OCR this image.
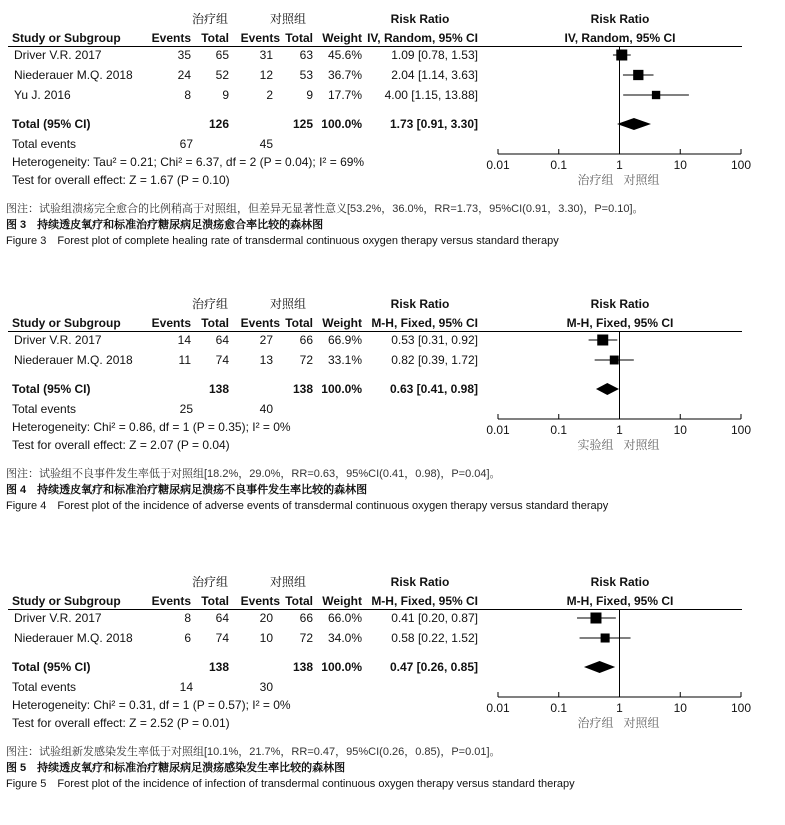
治疗组	对照组	Risk Ratio	Risk Ratio
Study or Subgroup	Events Total Events Total Weight IV, Random, 95% CI	IV, Random, 95% CI
Driver V.R. 2017	35 65	31 63 45.6% 1.09 [0.78, 1.53]
Niederauer M.Q. 2018	24 52	12 53 36.7% 2.04 [1.14, 3.63]
Yu J. 2016	8	9	2	9 17.7% 4.00 [1.15, 13.88]
Total (95% CI)	126	125 100.0% 1.73 [0.91, 3.30]
Total events	67	45
Heterogeneity: Tau² = 0.21; Chi² = 6.37, df = 2 (P = 0.04); I² = 69%
Test for overall effect: Z = 1.67 (P = 0.10)
0.01	0.1	1	10	100
治疗组 对照组
图注：试验组溃疡完全愈合的比例稍高于对照组，但差异无显著性意义[53.2%，36.0%，RR=1.73，95%CI(0.91，3.30)，P=0.10]。
图 3　持续透皮氧疗和标准治疗糖尿病足溃疡愈合率比较的森林图
Figure 3　Forest plot of complete healing rate of transdermal continuous oxygen therapy versus standard therapy
治疗组	对照组	Risk Ratio	Risk Ratio
Study or Subgroup	Events Total Events Total Weight M-H, Fixed, 95% CI	M-H, Fixed, 95% CI
Driver V.R. 2017	14 64	27 66 66.9% 0.53 [0.31, 0.92]
Niederauer M.Q. 2018	11 74	13 72 33.1% 0.82 [0.39, 1.72]
Total (95% CI)	138	138 100.0% 0.63 [0.41, 0.98]
Total events	25	40
Heterogeneity: Chi² = 0.86, df = 1 (P = 0.35); I² = 0%
Test for overall effect: Z = 2.07 (P = 0.04)
0.01	0.1	1	10	100
实验组 对照组
图注：试验组不良事件发生率低于对照组[18.2%，29.0%，RR=0.63，95%CI(0.41，0.98)，P=0.04]。
图 4　持续透皮氧疗和标准治疗糖尿病足溃疡不良事件发生率比较的森林图
Figure 4　Forest plot of the incidence of adverse events of transdermal continuous oxygen therapy versus standard therapy
治疗组	对照组	Risk Ratio	Risk Ratio
Study or Subgroup	Events Total Events Total Weight M-H, Fixed, 95% CI	M-H, Fixed, 95% CI
Driver V.R. 2017	8 64	20 66 66.0% 0.41 [0.20, 0.87]
Niederauer M.Q. 2018	6 74	10 72 34.0% 0.58 [0.22, 1.52]
Total (95% CI)	138	138 100.0% 0.47 [0.26, 0.85]
Total events	14	30
Heterogeneity: Chi² = 0.31, df = 1 (P = 0.57); I² = 0%
Test for overall effect: Z = 2.52 (P = 0.01)
0.01	0.1	1	10	100
治疗组 对照组
图注：试验组新发感染发生率低于对照组[10.1%，21.7%，RR=0.47，95%CI(0.26，0.85)，P=0.01]。
图 5　持续透皮氧疗和标准治疗糖尿病足溃疡感染发生率比较的森林图
Figure 5　Forest plot of the incidence of infection of transdermal continuous oxygen therapy versus standard therapy
